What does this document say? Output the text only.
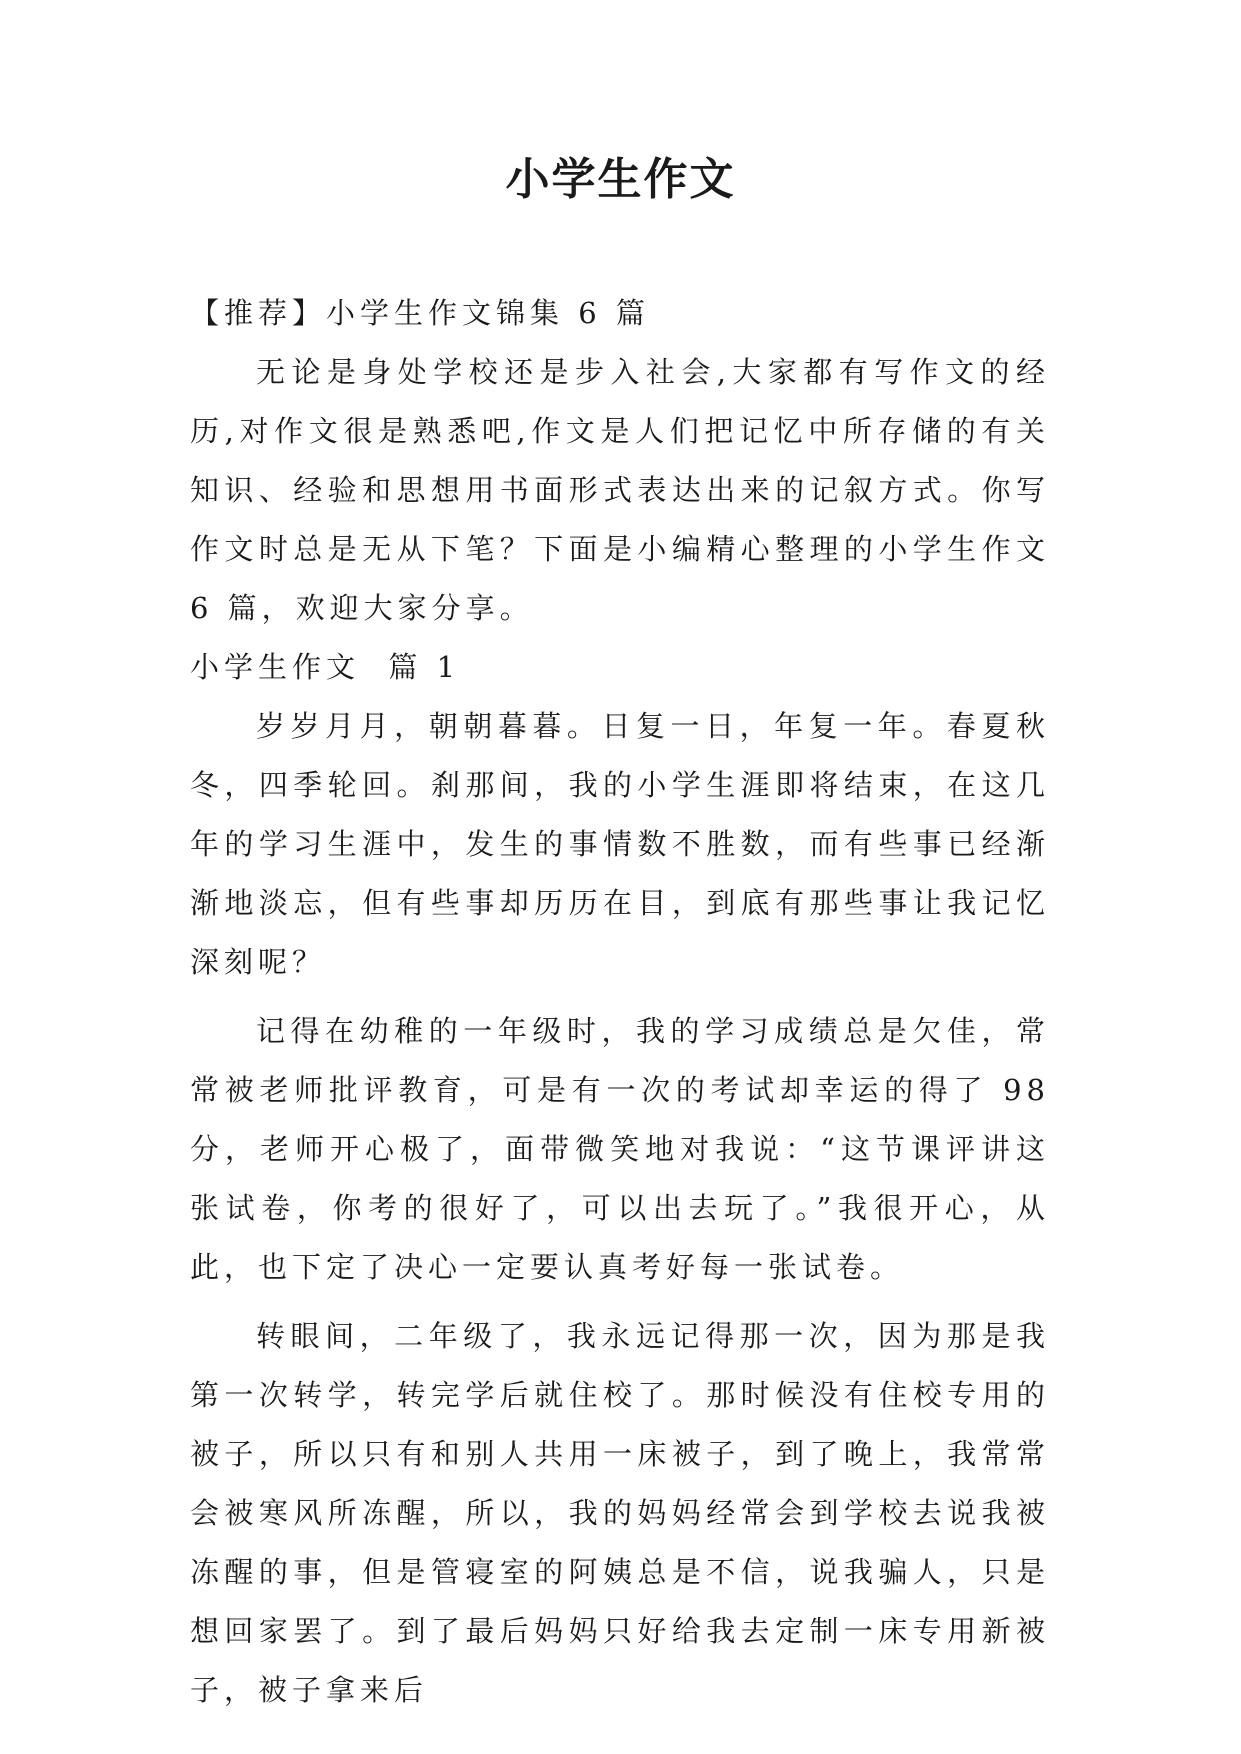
小学生作文

【推荐】小学生作文锦集 6 篇

无论是身处学校还是步入社会,大家都有写作文的经历,对作文很是熟悉吧,作文是人们把记忆中所存储的有关知识、经验和思想用书面形式表达出来的记叙方式。你写作文时总是无从下笔？下面是小编精心整理的小学生作文 6 篇，欢迎大家分享。

小学生作文  篇 1

岁岁月月，朝朝暮暮。日复一日，年复一年。春夏秋冬，四季轮回。刹那间，我的小学生涯即将结束，在这几年的学习生涯中，发生的事情数不胜数，而有些事已经渐渐地淡忘，但有些事却历历在目，到底有那些事让我记忆深刻呢？

记得在幼稚的一年级时，我的学习成绩总是欠佳，常常被老师批评教育，可是有一次的考试却幸运的得了 98 分，老师开心极了，面带微笑地对我说：“这节课评讲这张试卷，你考的很好了，可以出去玩了。”我很开心，从此，也下定了决心一定要认真考好每一张试卷。

转眼间，二年级了，我永远记得那一次，因为那是我第一次转学，转完学后就住校了。那时候没有住校专用的被子，所以只有和别人共用一床被子，到了晚上，我常常会被寒风所冻醒，所以，我的妈妈经常会到学校去说我被冻醒的事，但是管寝室的阿姨总是不信，说我骗人，只是想回家罢了。到了最后妈妈只好给我去定制一床专用新被子，被子拿来后
